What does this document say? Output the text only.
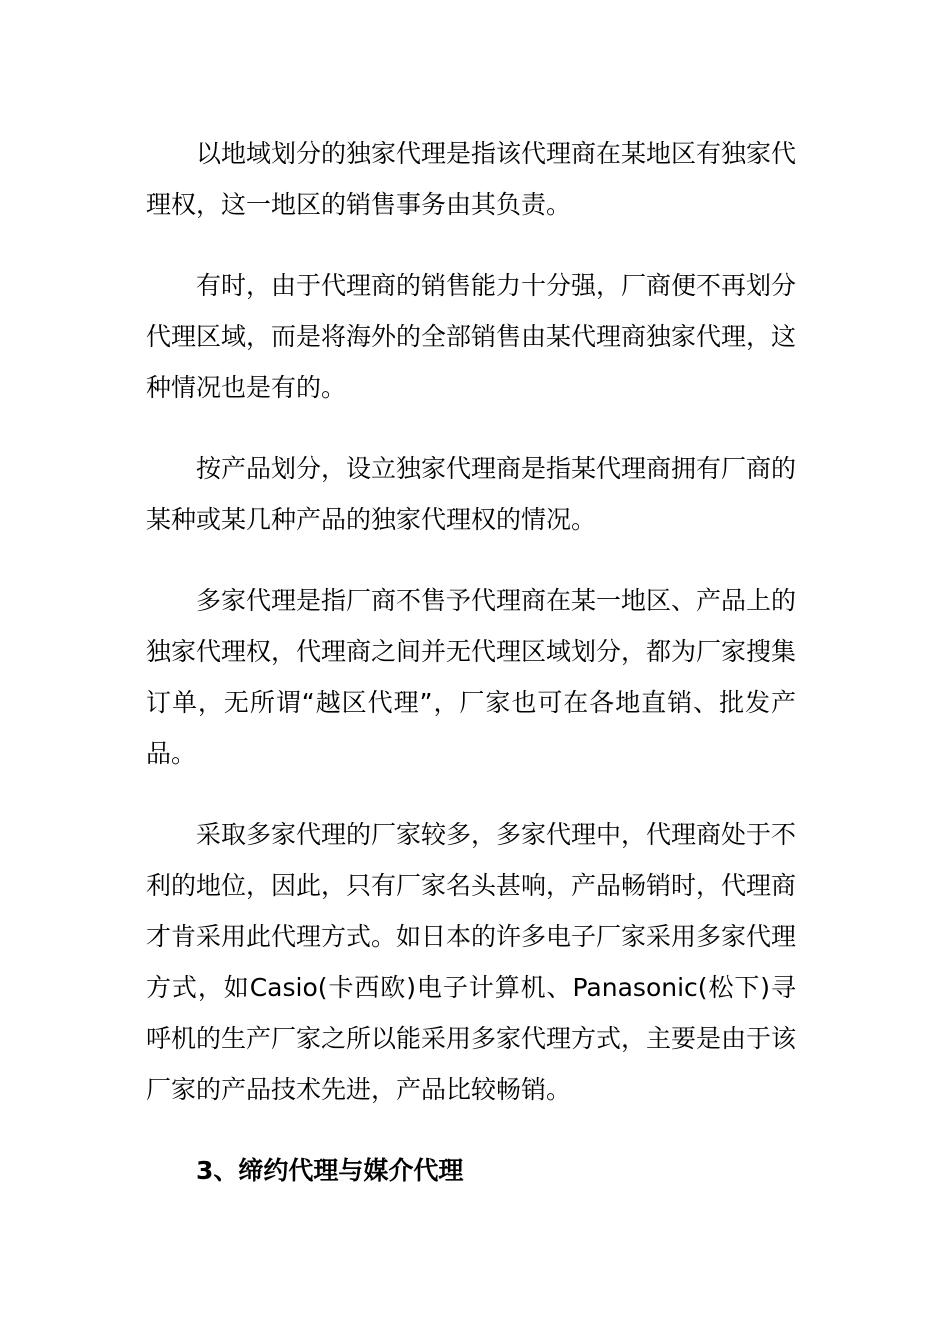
以地域划分的独家代理是指该代理商在某地区有独家代理权，这一地区的销售事务由其负责。

有时，由于代理商的销售能力十分强，厂商便不再划分代理区域，而是将海外的全部销售由某代理商独家代理，这种情况也是有的。

按产品划分，设立独家代理商是指某代理商拥有厂商的某种或某几种产品的独家代理权的情况。

多家代理是指厂商不售予代理商在某一地区、产品上的独家代理权，代理商之间并无代理区域划分，都为厂家搜集订单，无所谓“越区代理”，厂家也可在各地直销、批发产品。

采取多家代理的厂家较多，多家代理中，代理商处于不利的地位，因此，只有厂家名头甚响，产品畅销时，代理商才肯采用此代理方式。如日本的许多电子厂家采用多家代理方式，如Casio(卡西欧)电子计算机、Panasonic(松下)寻呼机的生产厂家之所以能采用多家代理方式，主要是由于该厂家的产品技术先进，产品比较畅销。

3、缔约代理与媒介代理
